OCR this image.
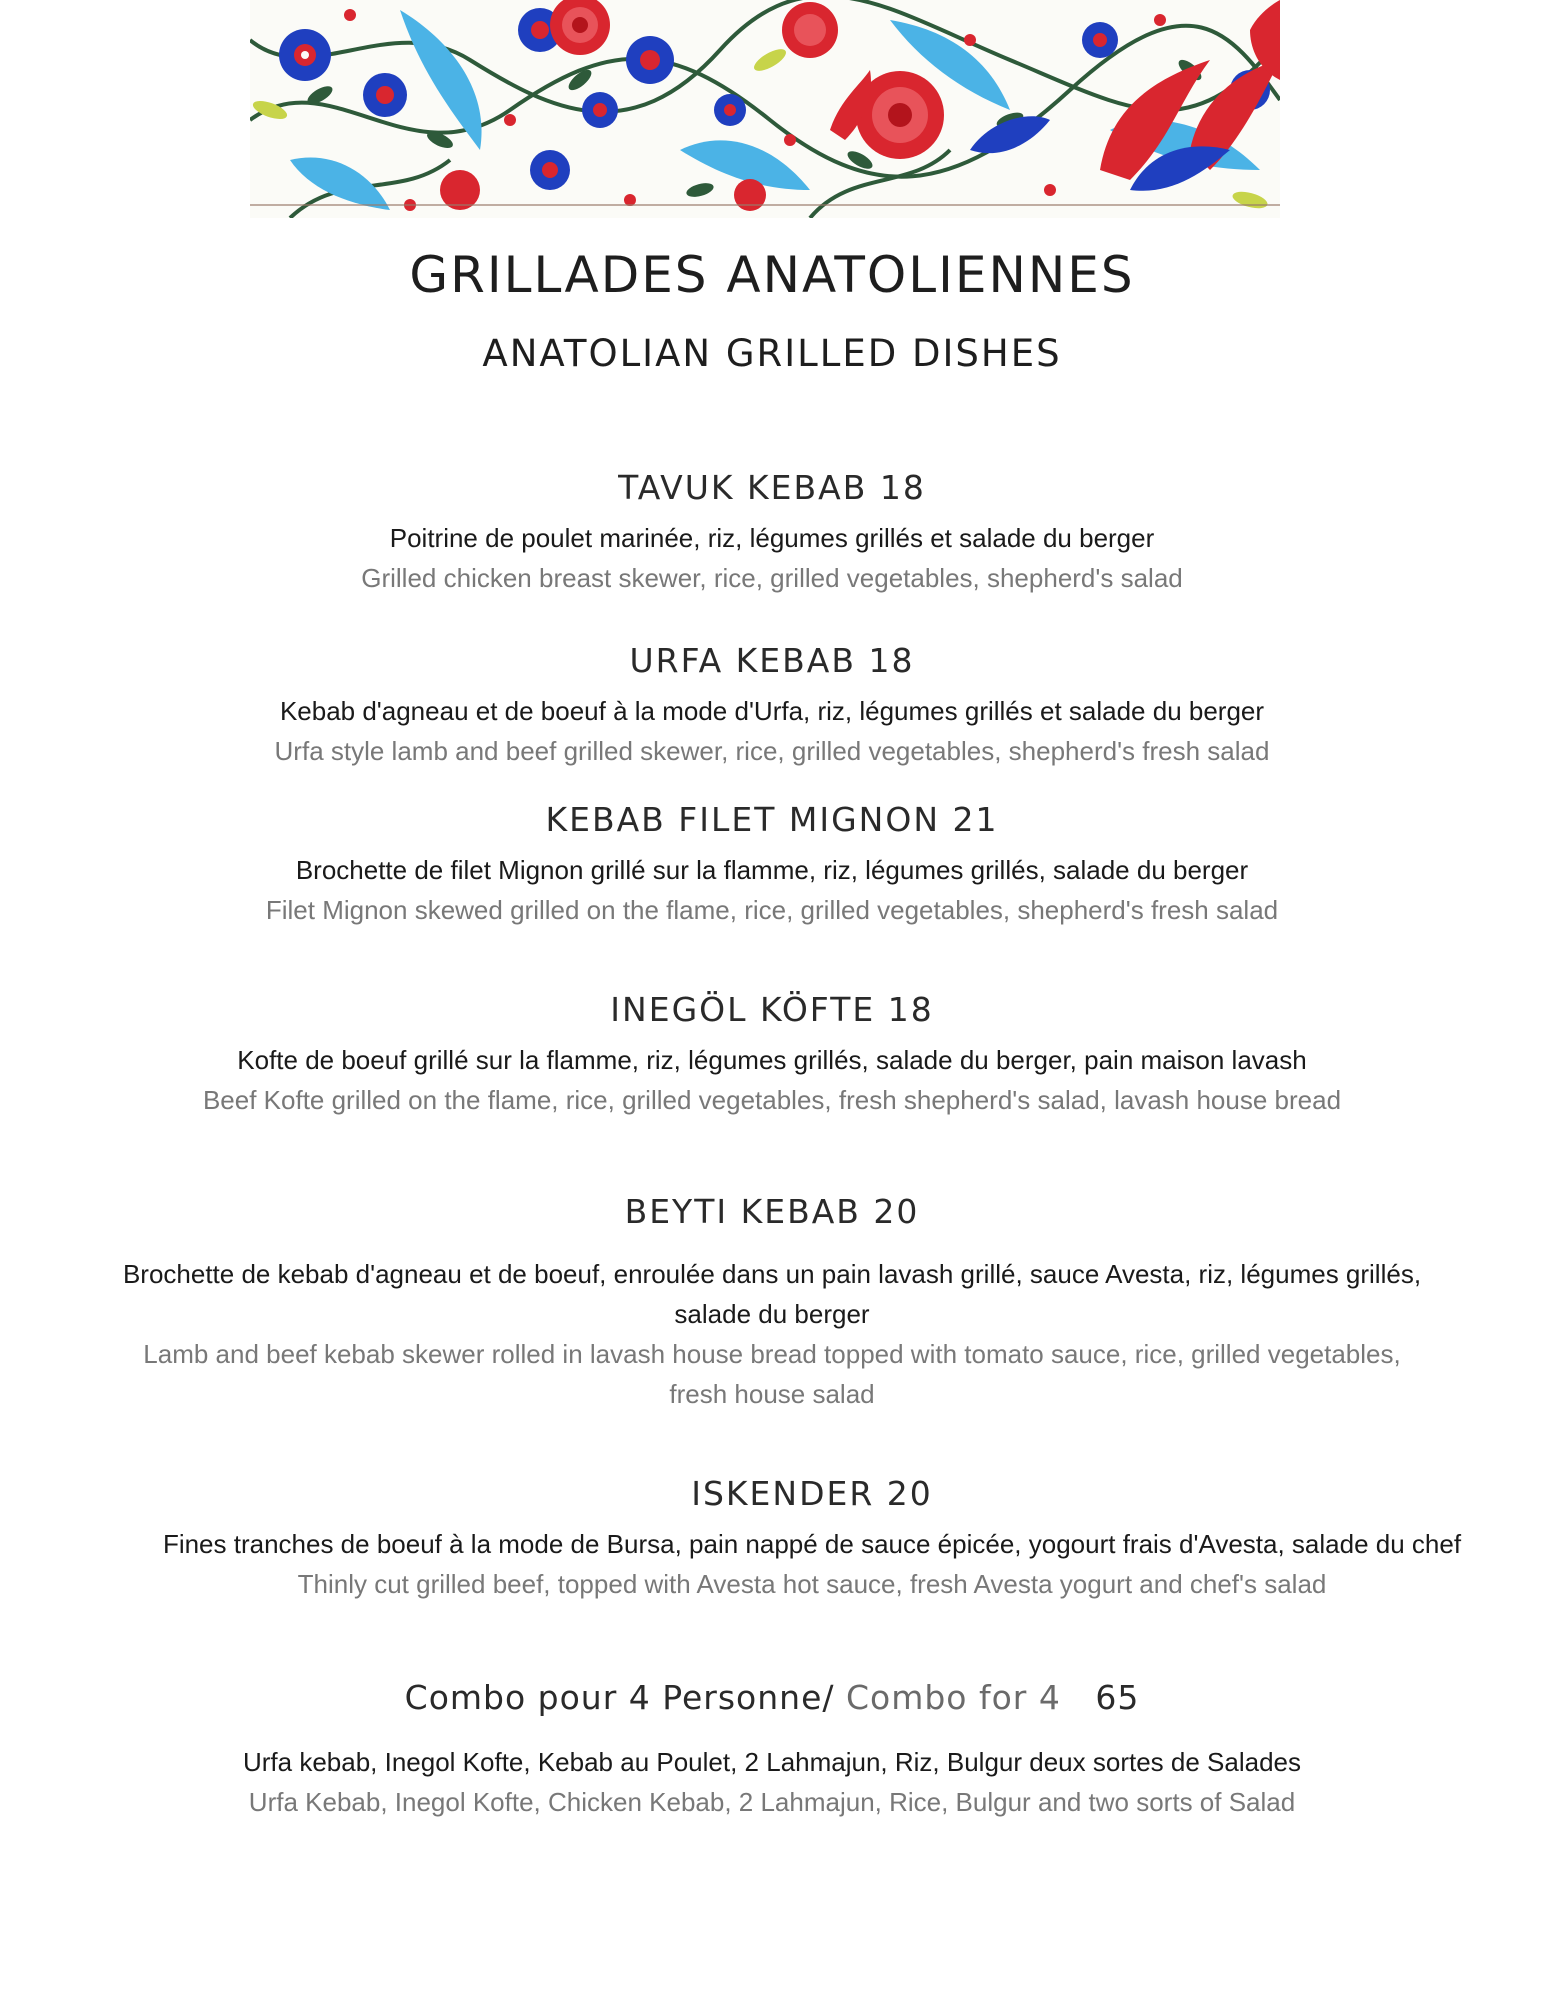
GRILLADES ANATOLIENNES
ANATOLIAN GRILLED DISHES
TAVUK KEBAB 18
Poitrine de poulet marinée, riz, légumes grillés et salade du berger
Grilled chicken breast skewer, rice, grilled vegetables, shepherd's salad
URFA KEBAB 18
Kebab d'agneau et de boeuf à la mode d'Urfa, riz, légumes grillés et salade du berger
Urfa style lamb and beef grilled skewer, rice, grilled vegetables, shepherd's fresh salad
KEBAB FILET MIGNON 21
Brochette de filet Mignon grillé sur la flamme, riz, légumes grillés, salade du berger
Filet Mignon skewed grilled on the flame, rice, grilled vegetables, shepherd's fresh salad
INEGÖL KÖFTE 18
Kofte de boeuf grillé sur la flamme, riz, légumes grillés, salade du berger, pain maison lavash
Beef Kofte grilled on the flame, rice, grilled vegetables, fresh shepherd's salad, lavash house bread
BEYTI KEBAB 20
Brochette de kebab d'agneau et de boeuf, enroulée dans un pain lavash grillé, sauce Avesta, riz, légumes grillés,
salade du berger
Lamb and beef kebab skewer rolled in lavash house bread topped with tomato sauce, rice, grilled vegetables,
fresh house salad
ISKENDER 20
Fines tranches de boeuf à la mode de Bursa, pain nappé de sauce épicée, yogourt frais d'Avesta, salade du chef
Thinly cut grilled beef, topped with Avesta hot sauce, fresh Avesta yogurt and chef's salad
Combo pour 4 Personne/ Combo for 4 65
Urfa kebab, Inegol Kofte, Kebab au Poulet, 2 Lahmajun, Riz, Bulgur deux sortes de Salades
Urfa Kebab, Inegol Kofte, Chicken Kebab, 2 Lahmajun, Rice, Bulgur and two sorts of Salad
